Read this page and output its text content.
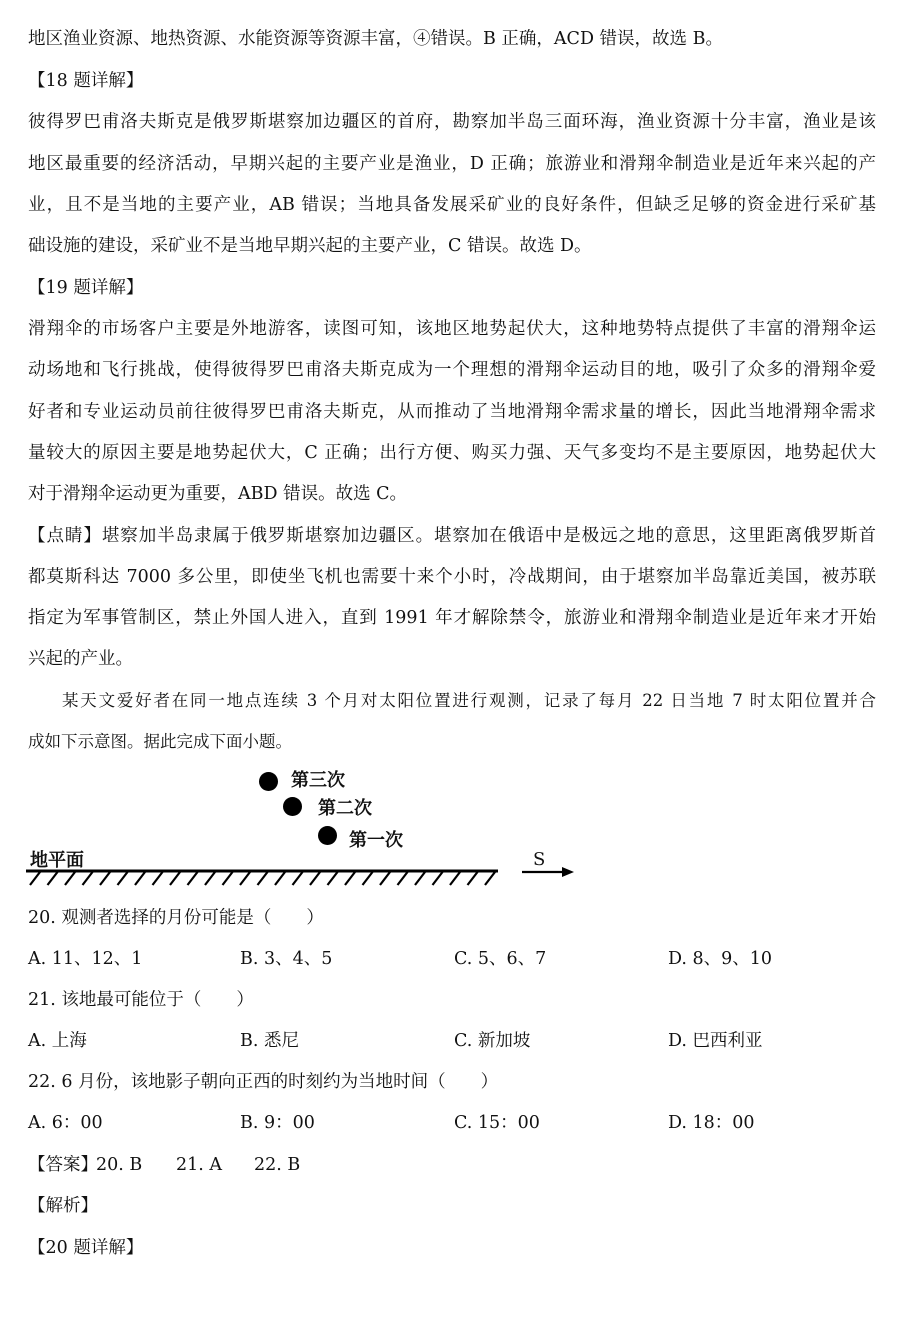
地区渔业资源、地热资源、水能资源等资源丰富，④错误。B 正确，ACD 错误，故选 B。
【18 题详解】
彼得罗巴甫洛夫斯克是俄罗斯堪察加边疆区的首府，勘察加半岛三面环海，渔业资源十分丰富，渔业是该
地区最重要的经济活动，早期兴起的主要产业是渔业，D 正确；旅游业和滑翔伞制造业是近年来兴起的产
业，且不是当地的主要产业，AB 错误；当地具备发展采矿业的良好条件，但缺乏足够的资金进行采矿基
础设施的建设，采矿业不是当地早期兴起的主要产业，C 错误。故选 D。
【19 题详解】
滑翔伞的市场客户主要是外地游客，读图可知，该地区地势起伏大，这种地势特点提供了丰富的滑翔伞运
动场地和飞行挑战，使得彼得罗巴甫洛夫斯克成为一个理想的滑翔伞运动目的地，吸引了众多的滑翔伞爱
好者和专业运动员前往彼得罗巴甫洛夫斯克，从而推动了当地滑翔伞需求量的增长，因此当地滑翔伞需求
量较大的原因主要是地势起伏大，C 正确；出行方便、购买力强、天气多变均不是主要原因，地势起伏大
对于滑翔伞运动更为重要，ABD 错误。故选 C。
【点睛】堪察加半岛隶属于俄罗斯堪察加边疆区。堪察加在俄语中是极远之地的意思，这里距离俄罗斯首
都莫斯科达 7000 多公里，即使坐飞机也需要十来个小时，冷战期间，由于堪察加半岛靠近美国，被苏联
指定为军事管制区，禁止外国人进入，直到 1991 年才解除禁令，旅游业和滑翔伞制造业是近年来才开始
兴起的产业。
某天文爱好者在同一地点连续 3 个月对太阳位置进行观测，记录了每月 22 日当地 7 时太阳位置并合
成如下示意图。据此完成下面小题。
第三次
第二次
第一次
地平面	S
20. 观测者选择的月份可能是（　　）
A. 11、12、1	B. 3、4、5	C. 5、6、7	D. 8、9、10
21. 该地最可能位于（　　）
A. 上海	B. 悉尼	C. 新加坡	D. 巴西利亚
22. 6 月份，该地影子朝向正西的时刻约为当地时间（　　）
A. 6：00	B. 9：00	C. 15：00	D. 18：00
【答案】
20. B 21. A 22. B
【解析】
【20 题详解】
